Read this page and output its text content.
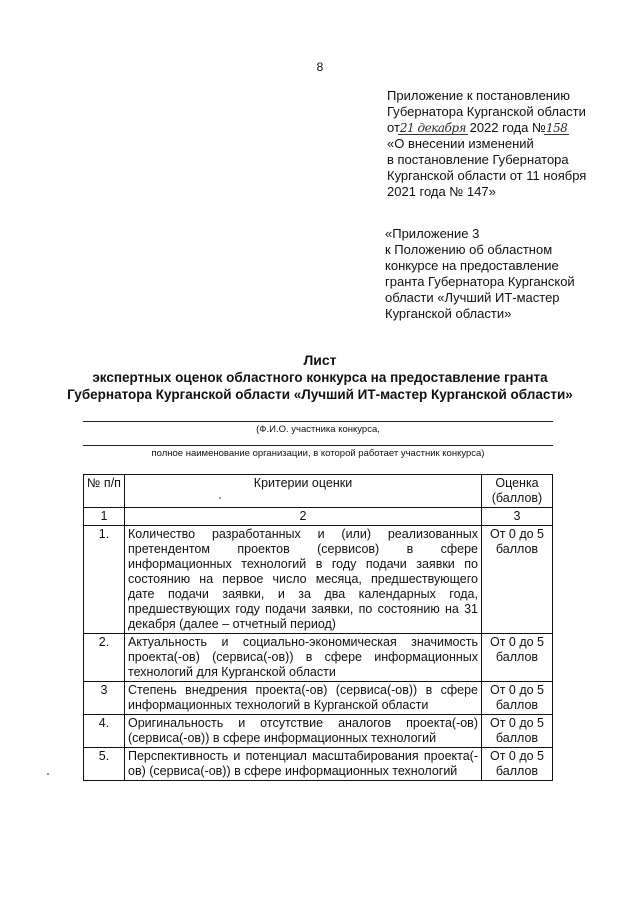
8
Приложение к постановлению
Губернатора Курганской области
от21 декабря 2022 года №158
«О внесении изменений
в постановление Губернатора
Курганской области от 11 ноября
2021 года № 147»
«Приложение 3
к Положению об областном
конкурсе на предоставление
гранта Губернатора Курганской
области «Лучший ИТ-мастер
Курганской области»
Лист
экспертных оценок областного конкурса на предоставление гранта
Губернатора Курганской области «Лучший ИТ-мастер Курганской области»
(Ф.И.О. участника конкурса,
полное наименование организации, в которой работает участник конкурса)
№ п/п	Критерии оценки	Оценка
(баллов)
1	2	3
1.	Количество разработанных и (или) реализованных претендентом проектов (сервисов) в сфере информационных технологий в году подачи заявки по состоянию на первое число месяца, предшествующего дате подачи заявки, и за два календарных года, предшествующих году подачи заявки, по состоянию на 31 декабря (далее – отчетный период)	От 0 до 5
баллов
2.	Актуальность и социально-экономическая значимость проекта(-ов) (сервиса(-ов)) в сфере информационных технологий для Курганской области	От 0 до 5
баллов
3	Степень внедрения проекта(-ов) (сервиса(-ов)) в сфере информационных технологий в Курганской области	От 0 до 5
баллов
4.	Оригинальность и отсутствие аналогов проекта(-ов) (сервиса(-ов)) в сфере информационных технологий	От 0 до 5
баллов
5.	Перспективность и потенциал масштабирования проекта(-ов) (сервиса(-ов)) в сфере информационных технологий	От 0 до 5
баллов
